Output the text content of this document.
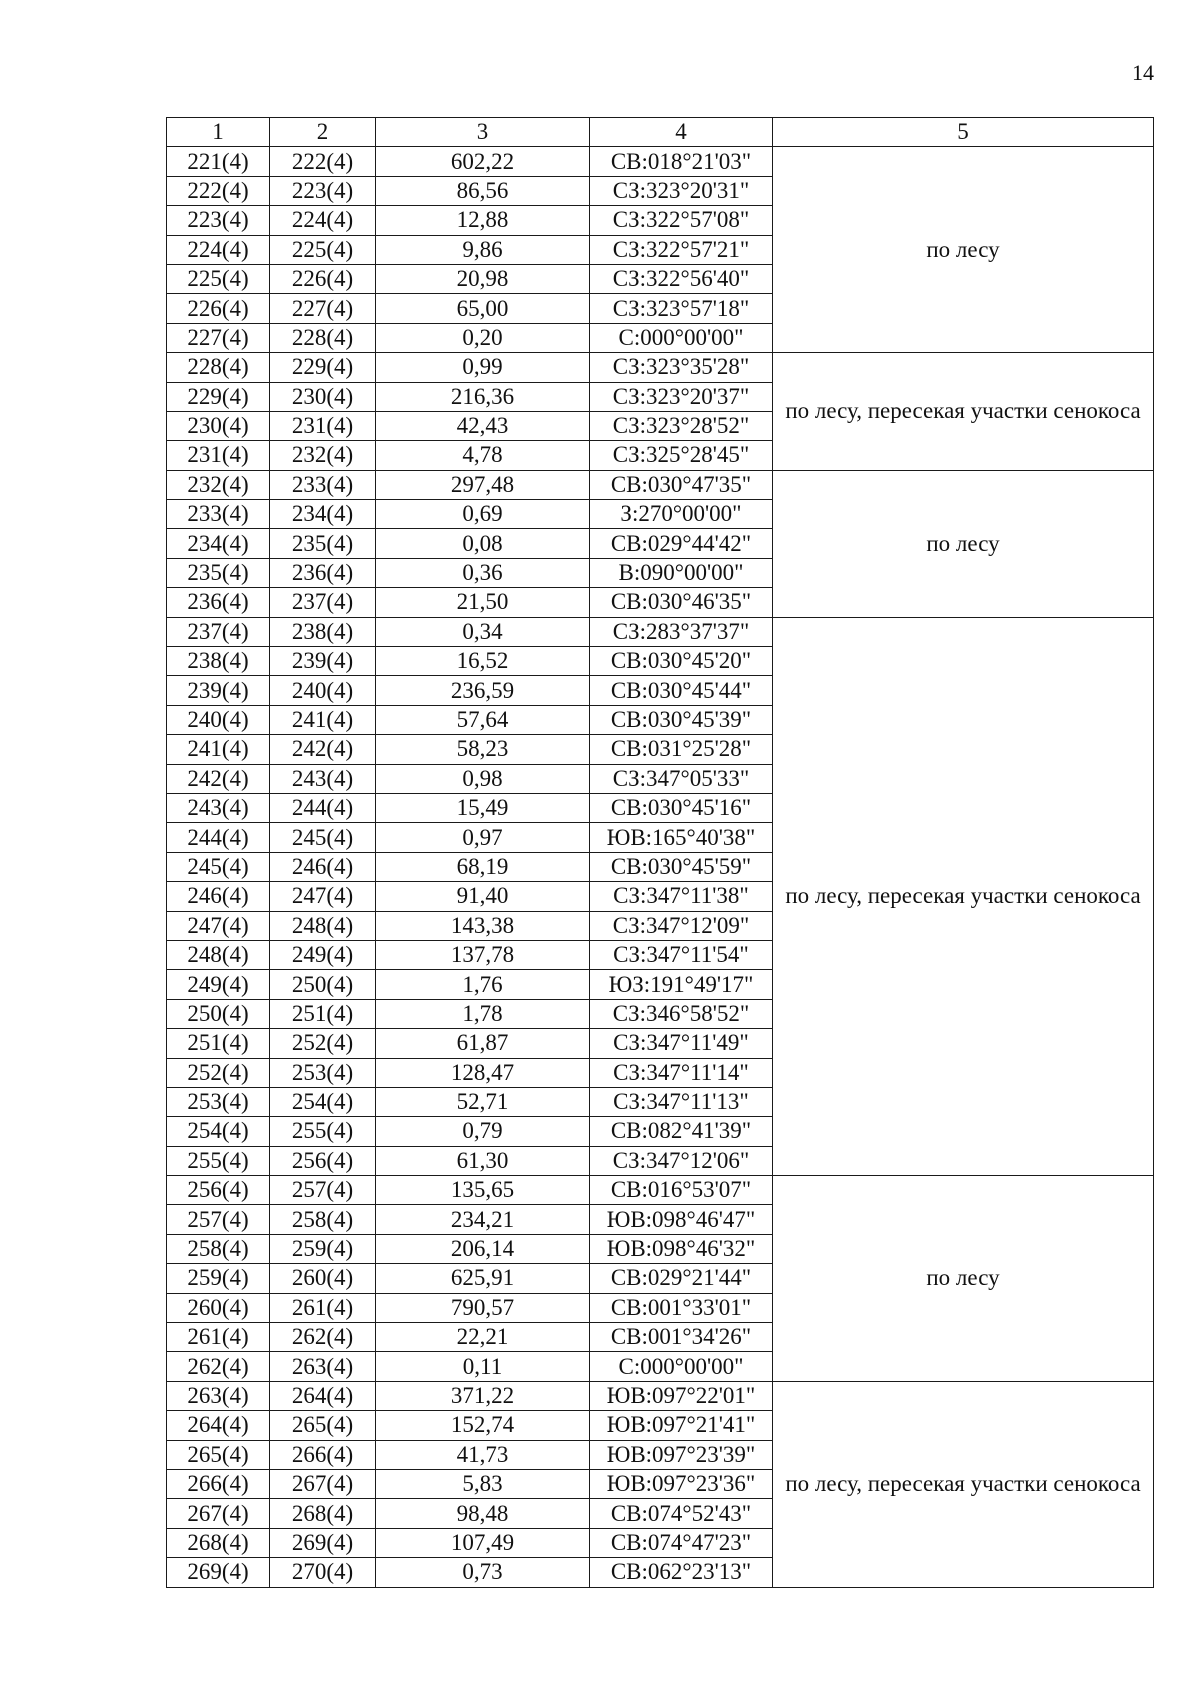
14
1	2	3	4	5
221(4)	222(4)	602,22	СВ:018°21'03"	по лесу
222(4)	223(4)	86,56	СЗ:323°20'31"	
223(4)	224(4)	12,88	СЗ:322°57'08"	
224(4)	225(4)	9,86	СЗ:322°57'21"	
225(4)	226(4)	20,98	СЗ:322°56'40"	
226(4)	227(4)	65,00	СЗ:323°57'18"	
227(4)	228(4)	0,20	С:000°00'00"	
228(4)	229(4)	0,99	СЗ:323°35'28"	по лесу, пересекая участки сенокоса
229(4)	230(4)	216,36	СЗ:323°20'37"	
230(4)	231(4)	42,43	СЗ:323°28'52"	
231(4)	232(4)	4,78	СЗ:325°28'45"	
232(4)	233(4)	297,48	СВ:030°47'35"	по лесу
233(4)	234(4)	0,69	З:270°00'00"	
234(4)	235(4)	0,08	СВ:029°44'42"	
235(4)	236(4)	0,36	В:090°00'00"	
236(4)	237(4)	21,50	СВ:030°46'35"	
237(4)	238(4)	0,34	СЗ:283°37'37"	по лесу, пересекая участки сенокоса
238(4)	239(4)	16,52	СВ:030°45'20"	
239(4)	240(4)	236,59	СВ:030°45'44"	
240(4)	241(4)	57,64	СВ:030°45'39"	
241(4)	242(4)	58,23	СВ:031°25'28"	
242(4)	243(4)	0,98	СЗ:347°05'33"	
243(4)	244(4)	15,49	СВ:030°45'16"	
244(4)	245(4)	0,97	ЮВ:165°40'38"	
245(4)	246(4)	68,19	СВ:030°45'59"	
246(4)	247(4)	91,40	СЗ:347°11'38"	
247(4)	248(4)	143,38	СЗ:347°12'09"	
248(4)	249(4)	137,78	СЗ:347°11'54"	
249(4)	250(4)	1,76	ЮЗ:191°49'17"	
250(4)	251(4)	1,78	СЗ:346°58'52"	
251(4)	252(4)	61,87	СЗ:347°11'49"	
252(4)	253(4)	128,47	СЗ:347°11'14"	
253(4)	254(4)	52,71	СЗ:347°11'13"	
254(4)	255(4)	0,79	СВ:082°41'39"	
255(4)	256(4)	61,30	СЗ:347°12'06"	
256(4)	257(4)	135,65	СВ:016°53'07"	по лесу
257(4)	258(4)	234,21	ЮВ:098°46'47"	
258(4)	259(4)	206,14	ЮВ:098°46'32"	
259(4)	260(4)	625,91	СВ:029°21'44"	
260(4)	261(4)	790,57	СВ:001°33'01"	
261(4)	262(4)	22,21	СВ:001°34'26"	
262(4)	263(4)	0,11	С:000°00'00"	
263(4)	264(4)	371,22	ЮВ:097°22'01"	по лесу, пересекая участки сенокоса
264(4)	265(4)	152,74	ЮВ:097°21'41"	
265(4)	266(4)	41,73	ЮВ:097°23'39"	
266(4)	267(4)	5,83	ЮВ:097°23'36"	
267(4)	268(4)	98,48	СВ:074°52'43"	
268(4)	269(4)	107,49	СВ:074°47'23"	
269(4)	270(4)	0,73	СВ:062°23'13"	
